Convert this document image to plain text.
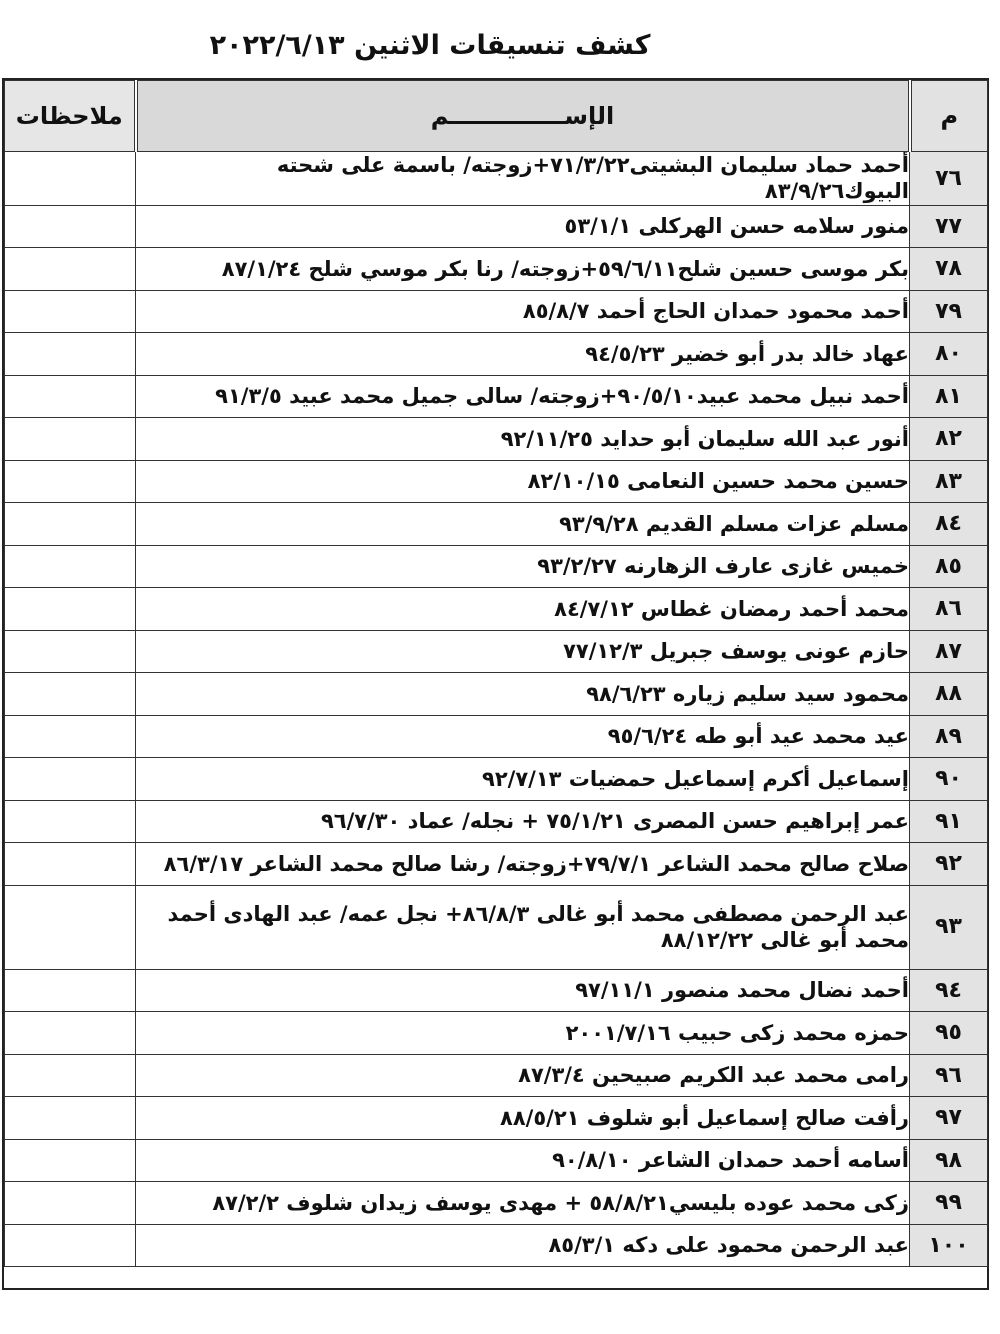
كشف تنسيقات الاثنين ٢٠٢٢/٦/١٣
م	الإســــــــــــــم	ملاحظات
٧٦	أحمد حماد سليمان البشيتى٧١/٣/٢٢+زوجته/ باسمة على شحته البيوك٨٣/٩/٢٦	
٧٧	منور سلامه حسن الهركلى ٥٣/١/١	
٧٨	بكر موسى حسين شلح٥٩/٦/١١+زوجته/ رنا بكر موسي شلح ٨٧/١/٢٤	
٧٩	أحمد محمود حمدان الحاج أحمد ٨٥/٨/٧	
٨٠	عهاد خالد بدر أبو خضير ٩٤/٥/٢٣	
٨١	أحمد نبيل محمد عبيد٩٠/٥/١٠+زوجته/ سالى جميل محمد عبيد ٩١/٣/٥	
٨٢	أنور عبد الله سليمان أبو حدايد ٩٢/١١/٢٥	
٨٣	حسين محمد حسين النعامى ٨٢/١٠/١٥	
٨٤	مسلم عزات مسلم القديم ٩٣/٩/٢٨	
٨٥	خميس غازى عارف الزهارنه ٩٣/٢/٢٧	
٨٦	محمد أحمد رمضان غطاس ٨٤/٧/١٢	
٨٧	حازم عونى يوسف جبريل ٧٧/١٢/٣	
٨٨	محمود سيد سليم زياره ٩٨/٦/٢٣	
٨٩	عيد محمد عيد أبو طه ٩٥/٦/٢٤	
٩٠	إسماعيل أكرم إسماعيل حمضيات ٩٢/٧/١٣	
٩١	عمر إبراهيم حسن المصرى ٧٥/١/٢١ + نجله/ عماد ٩٦/٧/٣٠	
٩٢	صلاح صالح محمد الشاعر ٧٩/٧/١+زوجته/ رشا صالح محمد الشاعر ٨٦/٣/١٧	
٩٣	عبد الرحمن مصطفى محمد أبو غالى ٨٦/٨/٣+ نجل عمه/ عبد الهادى أحمد محمد أبو غالى ٨٨/١٢/٢٢	
٩٤	أحمد نضال محمد منصور ٩٧/١١/١	
٩٥	حمزه محمد زكى حبيب ٢٠٠١/٧/١٦	
٩٦	رامى محمد عبد الكريم صبيحين ٨٧/٣/٤	
٩٧	رأفت صالح إسماعيل أبو شلوف ٨٨/٥/٢١	
٩٨	أسامه أحمد حمدان الشاعر ٩٠/٨/١٠	
٩٩	زكى محمد عوده بليسي٥٨/٨/٢١ + مهدى يوسف زيدان شلوف ٨٧/٢/٢	
١٠٠	عبد الرحمن محمود على دكه ٨٥/٣/١	
